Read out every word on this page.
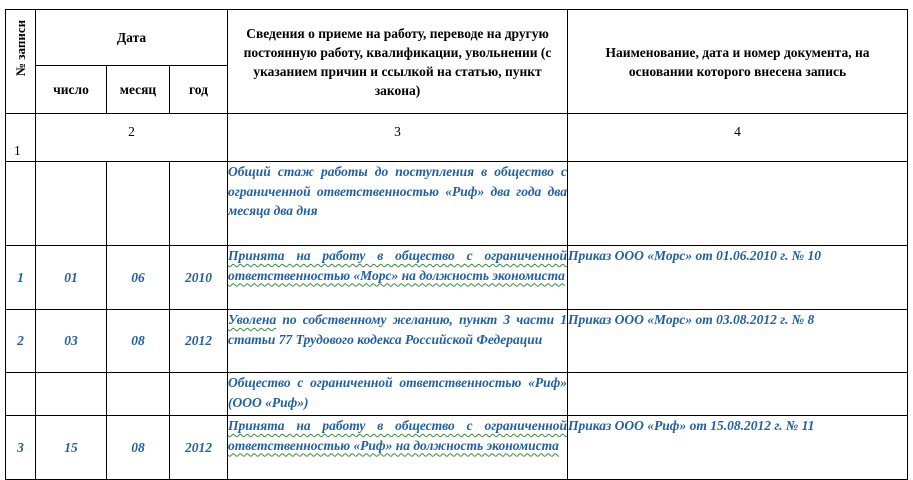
№ записи	Дата			Сведения о приеме на работу, переводе на другую постоянную работу, квалификации, увольнении (с указанием причин и ссылкой на статью, пункт закона)	Наименование, дата и номер документа, на основании которого внесена запись
	число	месяц	год		
1	2			3	4
				Общий стаж работы до поступления в общество с ограниченной ответственностью «Риф» два года два месяца два дня	
1	01	06	2010	Принята на работу в общество с ограниченной ответственностью «Морс» на должность экономиста	Приказ ООО «Морс» от 01.06.2010 г. № 10
2	03	08	2012	Уволена по собственному желанию, пункт 3 части 1 статьи 77 Трудового кодекса Российской Федерации	Приказ ООО «Морс» от 03.08.2012 г. № 8
				Общество с ограниченной ответственностью «Риф» (ООО «Риф»)	
3	15	08	2012	Принята на работу в общество с ограниченной ответственностью «Риф» на должность экономиста	Приказ ООО «Риф» от 15.08.2012 г. № 11
